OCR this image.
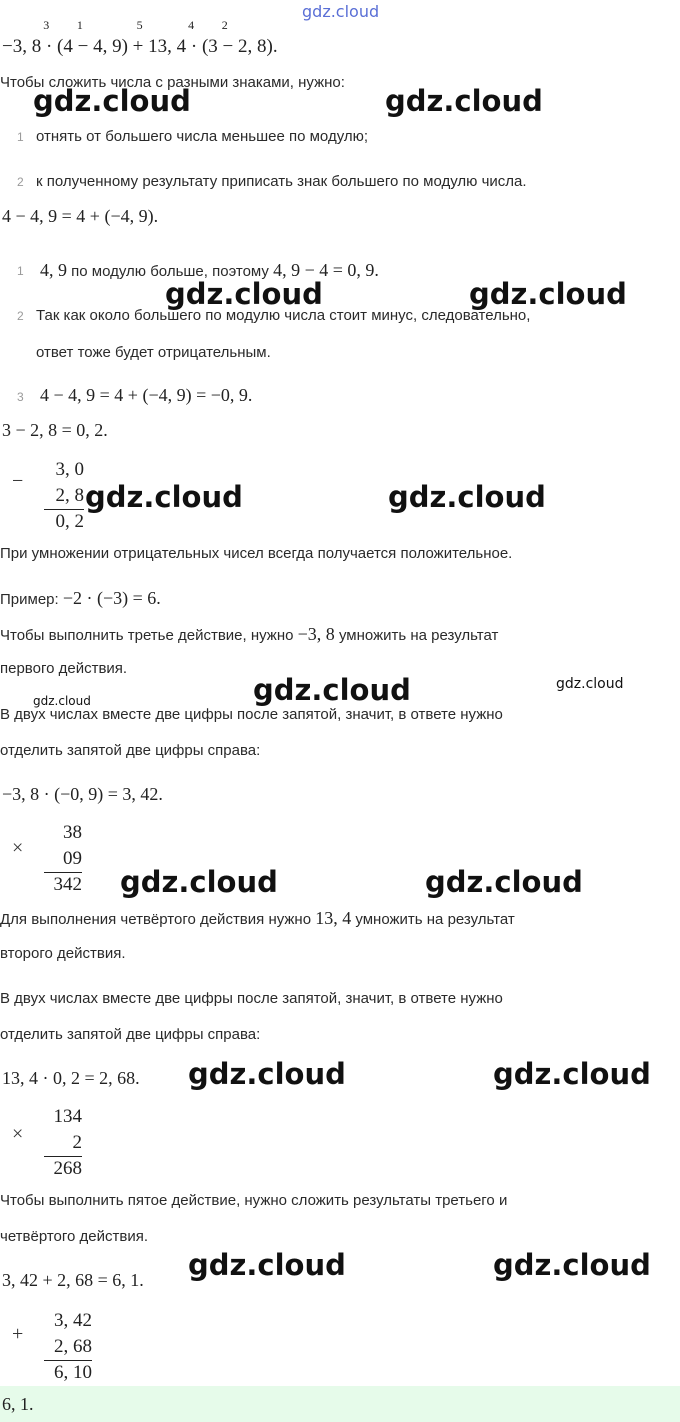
gdz.cloud
−3, 8
3
· (4
1
− 4, 9)
5
+ 13, 4
4
· (3
2
− 2, 8).
Чтобы сложить числа с разными знаками, нужно:
gdz.cloud	gdz.cloud
1 отнять от большего числа меньшее по модулю;
2 к полученному результату приписать знак большего по модулю числа.
4 − 4, 9 = 4 + (−4, 9).
1 4, 9 по модулю больше, поэтому 4, 9 − 4 = 0, 9.
gdz.cloud	gdz.cloud
2 Так как около большего по модулю числа стоит минус, следовательно,
ответ тоже будет отрицательным.
3 4 − 4, 9 = 4 + (−4, 9) = −0, 9.
3 − 2, 8 = 0, 2.
−
3, 0
2, 8
0, 2
gdz.cloud	gdz.cloud
При умножении отрицательных чисел всегда получается положительное.
Пример: −2 · (−3) = 6.
Чтобы выполнить третье действие, нужно −3, 8 умножить на результат
первого действия.
gdz.cloud	gdz.cloud	gdz.cloud
В двух числах вместе две цифры после запятой, значит, в ответе нужно
отделить запятой две цифры справа:
−3, 8 · (−0, 9) = 3, 42.
×
38
09
342 gdz.cloud	gdz.cloud
Для выполнения четвёртого действия нужно 13, 4 умножить на результат
второго действия.
В двух числах вместе две цифры после запятой, значит, в ответе нужно
отделить запятой две цифры справа:
13, 4 · 0, 2 = 2, 68. gdz.cloud	gdz.cloud
×
134
2
268
Чтобы выполнить пятое действие, нужно сложить результаты третьего и
четвёртого действия.
3, 42 + 2, 68 = 6, 1. gdz.cloud	gdz.cloud
+
3, 42
2, 68
6, 10
6, 1.
